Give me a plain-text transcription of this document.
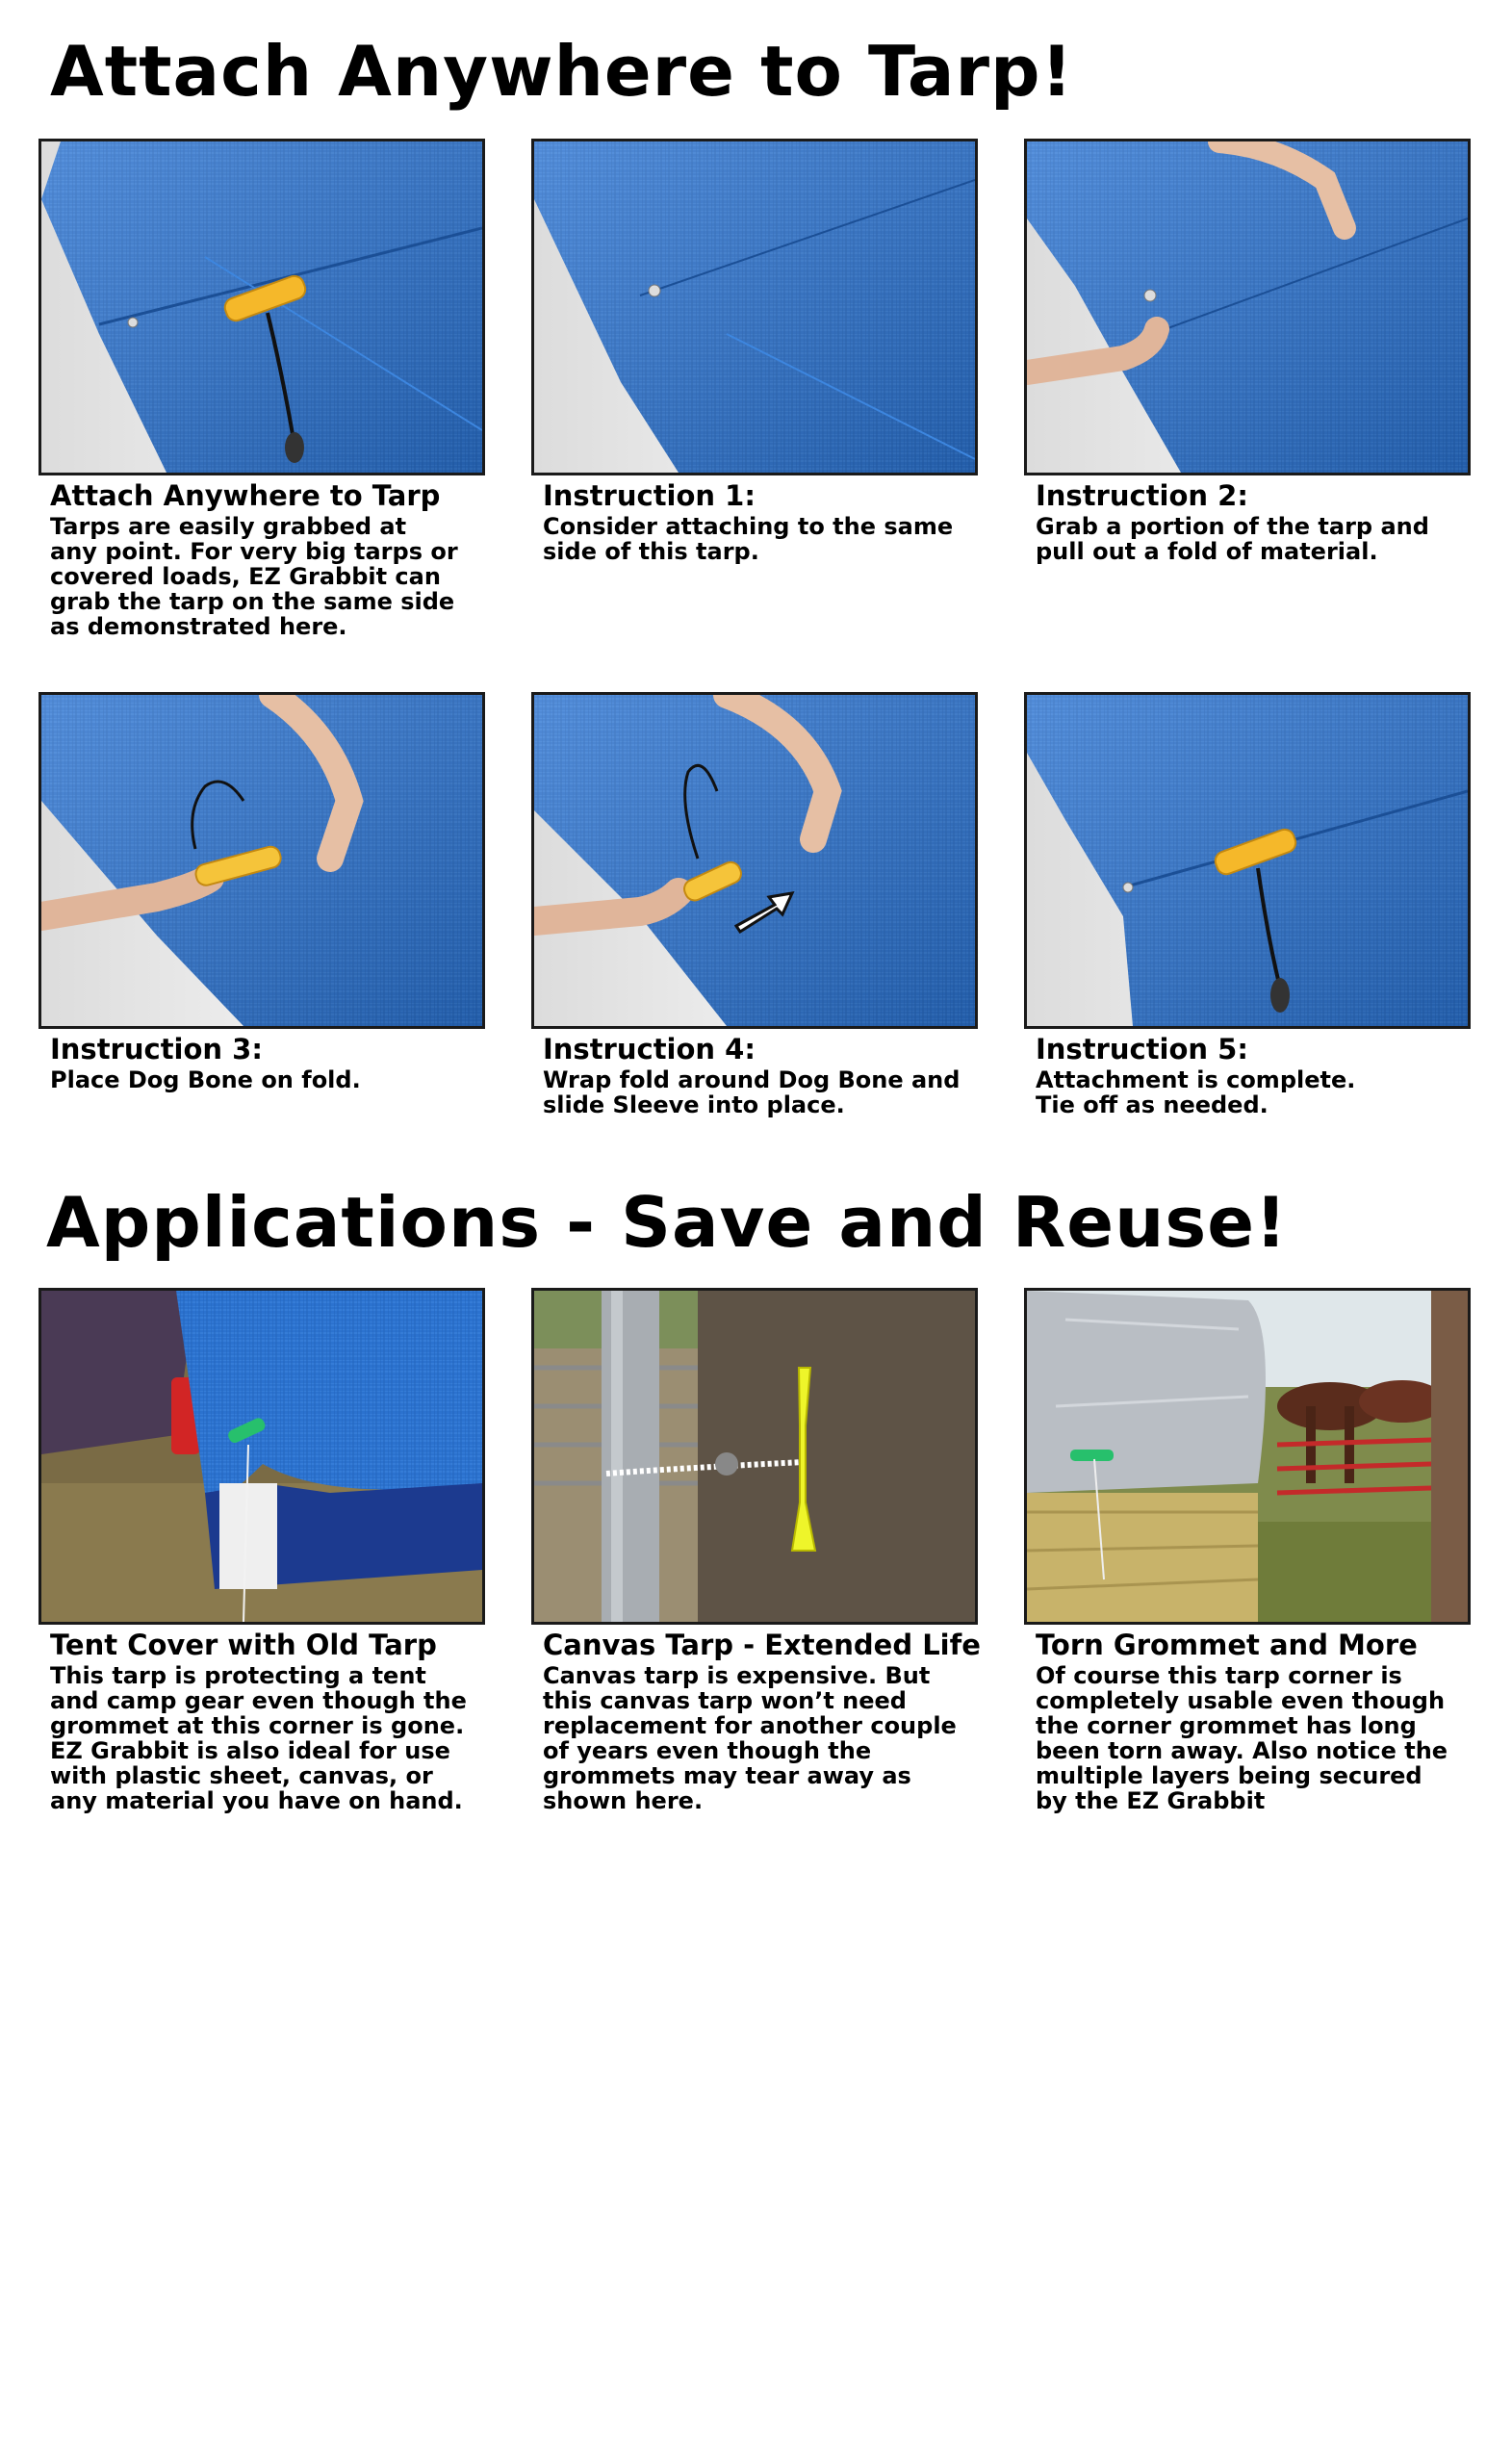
Attach Anywhere to Tarp!
Attach Anywhere to Tarp
Tarps are easily grabbed at
any point. For very big tarps or
covered loads, EZ Grabbit can
grab the tarp on the same side
as demonstrated here.
Instruction 1:
Consider attaching to the same
side of this tarp.
Instruction 2:
Grab a portion of the tarp and
pull out a fold of material.
Instruction 3:
Place Dog Bone on fold.
Instruction 4:
Wrap fold around Dog Bone and
slide Sleeve into place.
Instruction 5:
Attachment is complete.
Tie off as needed.
Applications - Save and Reuse!
Tent Cover with Old Tarp
This tarp is protecting a tent
and camp gear even though the
grommet at this corner is gone.
EZ Grabbit is also ideal for use
with plastic sheet, canvas, or
any material you have on hand.
Canvas Tarp - Extended Life
Canvas tarp is expensive. But
this canvas tarp won’t need
replacement for another couple
of years even though the
grommets may tear away as
shown here.
Torn Grommet and More
Of course this tarp corner is
completely usable even though
the corner grommet has long
been torn away. Also notice the
multiple layers being secured
by the EZ Grabbit
